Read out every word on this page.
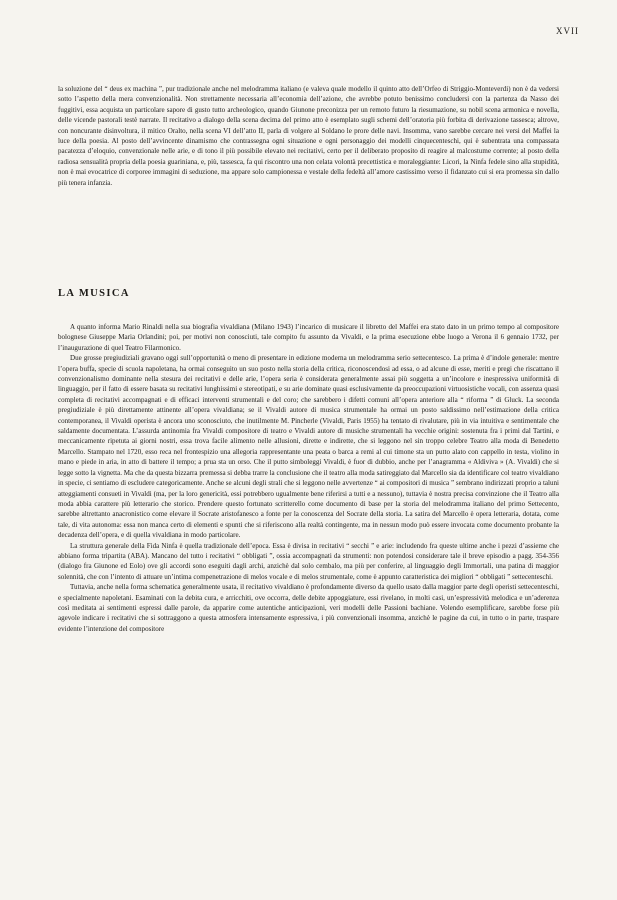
XVII

la soluzione del “ deus ex machina ”, pur tradizionale anche nel melodramma italiano (e valeva quale modello il quinto atto dell’Orfeo di Striggio-Monteverdi) non è da vedersi sotto l’aspetto della mera convenzionalità. Non strettamente necessaria all’economia dell’azione, che avrebbe potuto benissimo concludersi con la partenza da Nasso dei fuggitivi, essa acquista un particolare sapore di gusto tutto archeologico, quando Giunone preconizza per un remoto futuro la riesumazione, su nobil scena armonica e novella, delle vicende pastorali testè narrate. Il recitativo a dialogo della scena decima del primo atto è esemplato sugli schemi dell’oratoria più forbita di derivazione tassesca; altrove, con noncurante disinvoltura, il mitico Oralto, nella scena VI dell’atto II, parla di volgere al Soldano le prore delle navi. Insomma, vano sarebbe cercare nei versi del Maffei la luce della poesia. Al posto dell’avvincente dinamismo che contrassegna ogni situazione e ogni personaggio dei modelli cinquecenteschi, qui è subentrata una compassata pacatezza d’eloquio, convenzionale nelle arie, e di tono il più possibile elevato nei recitativi, certo per il deliberato proposito di reagire al malcostume corrente; al posto della radiosa sensualità propria della poesia guariniana, e, più, tassesca, fa qui riscontro una non celata volontà precettistica e moraleggiante: Licori, la Ninfa fedele sino alla stupidità, non è mai evocatrice di corporee immagini di seduzione, ma appare solo campionessa e vestale della fedeltà all’amore castissimo verso il fidanzato cui si era promessa sin dallo più tenera infanzia.

LA MUSICA

A quanto informa Mario Rinaldi nella sua biografia vivaldiana (Milano 1943) l’incarico di musicare il libretto del Maffei era stato dato in un primo tempo al compositore bolognese Giuseppe Maria Orlandini; poi, per motivi non conosciuti, tale compito fu assunto da Vivaldi, e la prima esecuzione ebbe luogo a Verona il 6 gennaio 1732, per l’inaugurazione di quel Teatro Filarmonico.

Due grosse pregiudiziali gravano oggi sull’opportunità o meno di presentare in edizione moderna un melodramma serio settecentesco. La prima è d’indole generale: mentre l’opera buffa, specie di scuola napoletana, ha ormai conseguito un suo posto nella storia della critica, riconoscendosi ad essa, o ad alcune di esse, meriti e pregi che riscattano il convenzionalismo dominante nella stesura dei recitativi e delle arie, l’opera seria è considerata generalmente assai più soggetta a un’incolore e inespressiva uniformità di linguaggio, per il fatto di essere basata su recitativi lunghissimi e stereotipati, e su arie dominate quasi esclusivamente da preoccupazioni virtuosistiche vocali, con assenza quasi completa di recitativi accompagnati e di efficaci interventi strumentali e del coro; che sarebbero i difetti comuni all’opera anteriore alla “ riforma ” di Gluck. La seconda pregiudiziale è più direttamente attinente all’opera vivaldiana; se il Vivaldi autore di musica strumentale ha ormai un posto saldissimo nell’estimazione della critica contemporanea, il Vivaldi operista è ancora uno sconosciuto, che inutilmente M. Pincherle (Vivaldi, Paris 1955) ha tentato di rivalutare, più in via intuitiva e sentimentale che saldamente documentata. L’assurda antinomia fra Vivaldi compositore di teatro e Vivaldi autore di musiche strumentali ha vecchie origini: sostenuta fra i primi dal Tartini, e meccanicamente ripetuta ai giorni nostri, essa trova facile alimento nelle allusioni, dirette e indirette, che si leggono nel sin troppo celebre Teatro alla moda di Benedetto Marcello. Stampato nel 1720, esso reca nel frontespizio una allegoria rappresentante una peata o barca a remi al cui timone sta un putto alato con cappello in testa, violino in mano e piede in aria, in atto di battere il tempo; a prua sta un orso. Che il putto simboleggi Vivaldi, è fuor di dubbio, anche per l’anagramma « Aldiviva » (A. Vivaldi) che si legge sotto la vignetta. Ma che da questa bizzarra premessa si debba trarre la conclusione che il teatro alla moda satireggiato dal Marcello sia da identificare col teatro vivaldiano in specie, ci sentiamo di escludere categoricamente. Anche se alcuni degli strali che si leggono nelle avvertenze “ ai compositori di musica ” sembrano indirizzati proprio a taluni atteggiamenti consueti in Vivaldi (ma, per la loro genericità, essi potrebbero ugualmente bene riferirsi a tutti e a nessuno), tuttavia è nostra precisa convinzione che il Teatro alla moda abbia carattere più letterario che storico. Prendere questo fortunato scritterello come documento di base per la storia del melodramma italiano del primo Settecento, sarebbe altrettanto anacronistico come elevare il Socrate aristofanesco a fonte per la conoscenza del Socrate della storia. La satira del Marcello è opera letteraria, dotata, come tale, di vita autonoma: essa non manca certo di elementi e spunti che si riferiscono alla realtà contingente, ma in nessun modo può essere invocata come documento probante la decadenza dell’opera, e di quella vivaldiana in modo particolare.

La struttura generale della Fida Ninfa è quella tradizionale dell’epoca. Essa è divisa in recitativi “ secchi ” e arie: includendo fra queste ultime anche i pezzi d’assieme che abbiano forma tripartita (ABA). Mancano del tutto i recitativi “ obbligati ”, ossia accompagnati da strumenti: non potendosi considerare tale il breve episodio a pagg. 354-356 (dialogo fra Giunone ed Eolo) ove gli accordi sono eseguiti dagli archi, anzichè dal solo cembalo, ma più per conferire, al linguaggio degli Immortali, una patina di maggior solennità, che con l’intento di attuare un’intima compenetrazione di melos vocale e di melos strumentale, come è appunto caratteristica dei migliori “ obbligati ” settecenteschi.

Tuttavia, anche nella forma schematica generalmente usata, il recitativo vivaldiano è profondamente diverso da quello usato dalla maggior parte degli operisti settecenteschi, e specialmente napoletani. Esaminati con la debita cura, e arricchiti, ove occorra, delle debite appoggiature, essi rivelano, in molti casi, un’espressività melodica e un’aderenza così meditata ai sentimenti espressi dalle parole, da apparire come autentiche anticipazioni, veri modelli delle Passioni bachiane. Volendo esemplificare, sarebbe forse più agevole indicare i recitativi che si sottraggono a questa atmosfera intensamente espressiva, i più convenzionali insomma, anzichè le pagine da cui, in tutto o in parte, traspare evidente l’intenzione del compositore
